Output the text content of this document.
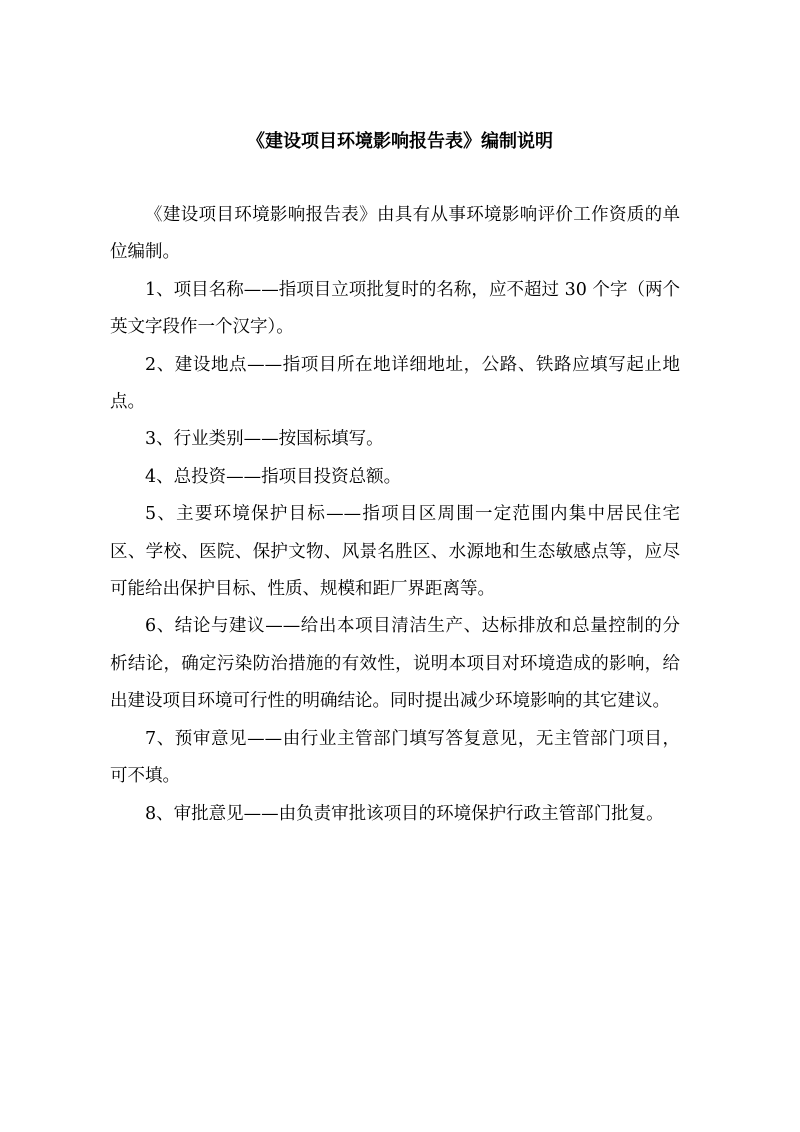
《建设项目环境影响报告表》编制说明

《建设项目环境影响报告表》由具有从事环境影响评价工作资质的单位编制。

1、项目名称——指项目立项批复时的名称，应不超过 30 个字（两个英文字段作一个汉字）。

2、建设地点——指项目所在地详细地址，公路、铁路应填写起止地点。

3、行业类别——按国标填写。

4、总投资——指项目投资总额。

5、主要环境保护目标——指项目区周围一定范围内集中居民住宅区、学校、医院、保护文物、风景名胜区、水源地和生态敏感点等，应尽可能给出保护目标、性质、规模和距厂界距离等。

6、结论与建议——给出本项目清洁生产、达标排放和总量控制的分析结论，确定污染防治措施的有效性，说明本项目对环境造成的影响，给出建设项目环境可行性的明确结论。同时提出减少环境影响的其它建议。

7、预审意见——由行业主管部门填写答复意见，无主管部门项目，可不填。

8、审批意见——由负责审批该项目的环境保护行政主管部门批复。
